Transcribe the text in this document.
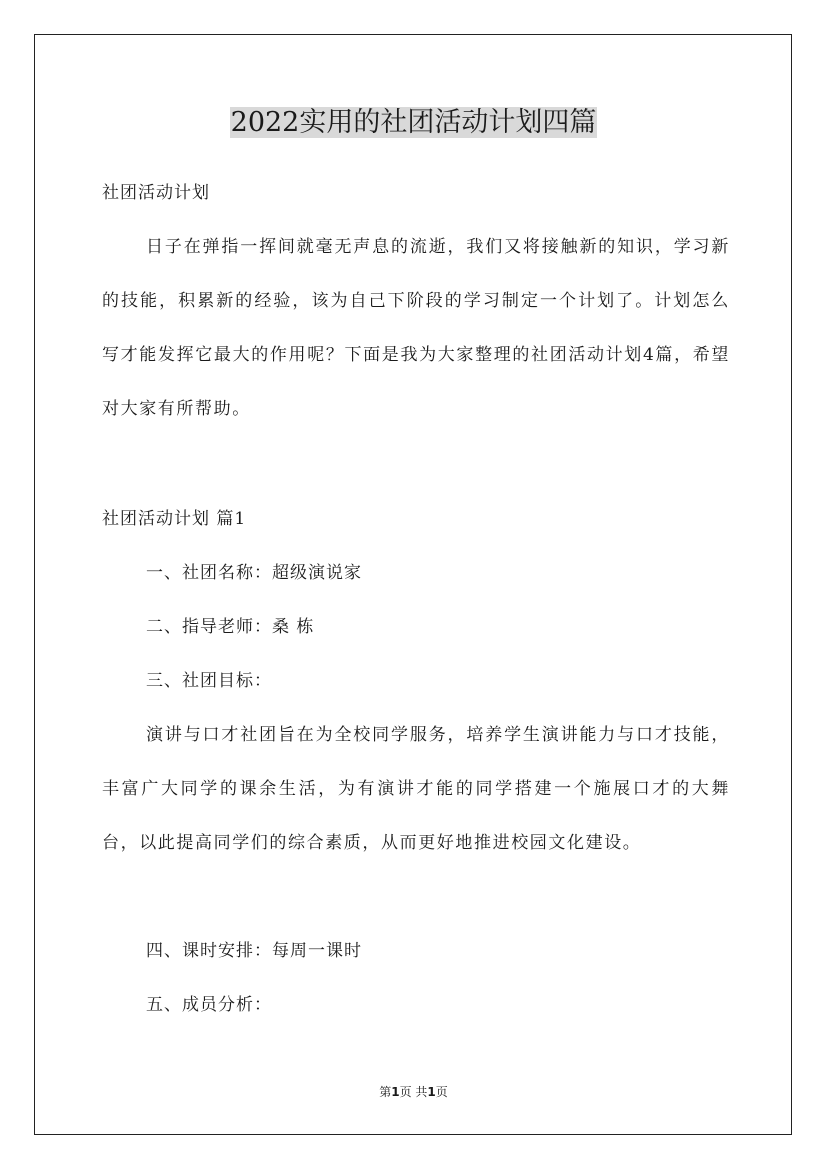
2022实用的社团活动计划四篇

社团活动计划

日子在弹指一挥间就毫无声息的流逝，我们又将接触新的知识，学习新的技能，积累新的经验，该为自己下阶段的学习制定一个计划了。计划怎么写才能发挥它最大的作用呢？下面是我为大家整理的社团活动计划4篇，希望对大家有所帮助。

社团活动计划 篇1

一、社团名称：超级演说家

二、指导老师：桑 栋

三、社团目标：

演讲与口才社团旨在为全校同学服务，培养学生演讲能力与口才技能，丰富广大同学的课余生活，为有演讲才能的同学搭建一个施展口才的大舞台，以此提高同学们的综合素质，从而更好地推进校园文化建设。

四、课时安排：每周一课时

五、成员分析：

第1页 共1页
